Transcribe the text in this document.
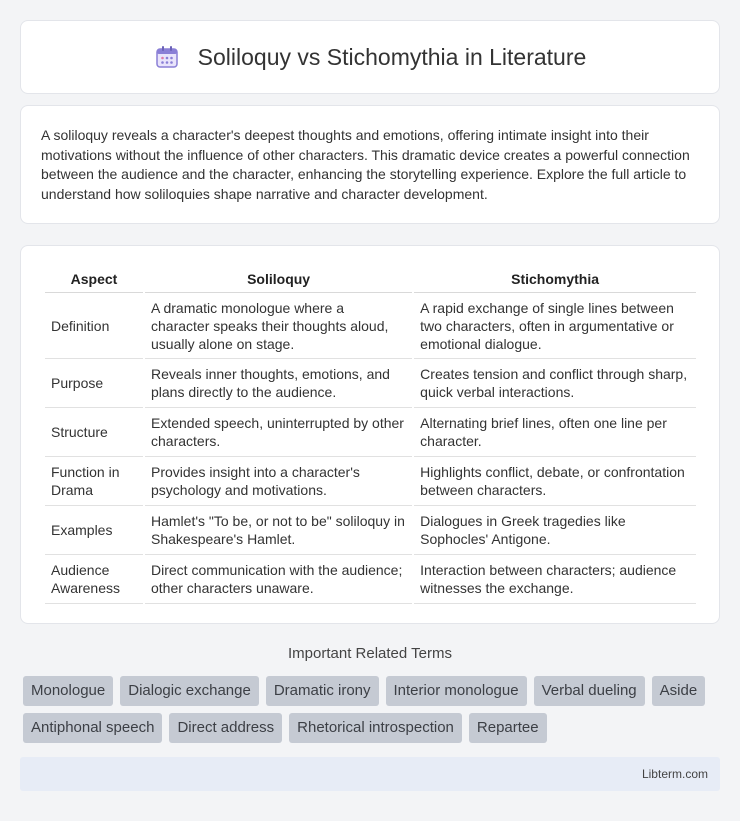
Soliloquy vs Stichomythia in Literature

A soliloquy reveals a character's deepest thoughts and emotions, offering intimate insight into their motivations without the influence of other characters. This dramatic device creates a powerful connection between the audience and the character, enhancing the storytelling experience. Explore the full article to understand how soliloquies shape narrative and character development.

Aspect	Soliloquy	Stichomythia
Definition	A dramatic monologue where a character speaks their thoughts aloud, usually alone on stage.	A rapid exchange of single lines between two characters, often in argumentative or emotional dialogue.
Purpose	Reveals inner thoughts, emotions, and plans directly to the audience.	Creates tension and conflict through sharp, quick verbal interactions.
Structure	Extended speech, uninterrupted by other characters.	Alternating brief lines, often one line per character.
Function in Drama	Provides insight into a character's psychology and motivations.	Highlights conflict, debate, or confrontation between characters.
Examples	Hamlet's "To be, or not to be" soliloquy in Shakespeare's Hamlet.	Dialogues in Greek tragedies like Sophocles' Antigone.
Audience Awareness	Direct communication with the audience; other characters unaware.	Interaction between characters; audience witnesses the exchange.
Important Related Terms
Monologue	Dialogic exchange	Dramatic irony	Interior monologue	Verbal dueling	Aside
Antiphonal speech	Direct address	Rhetorical introspection	Repartee
Libterm.com
